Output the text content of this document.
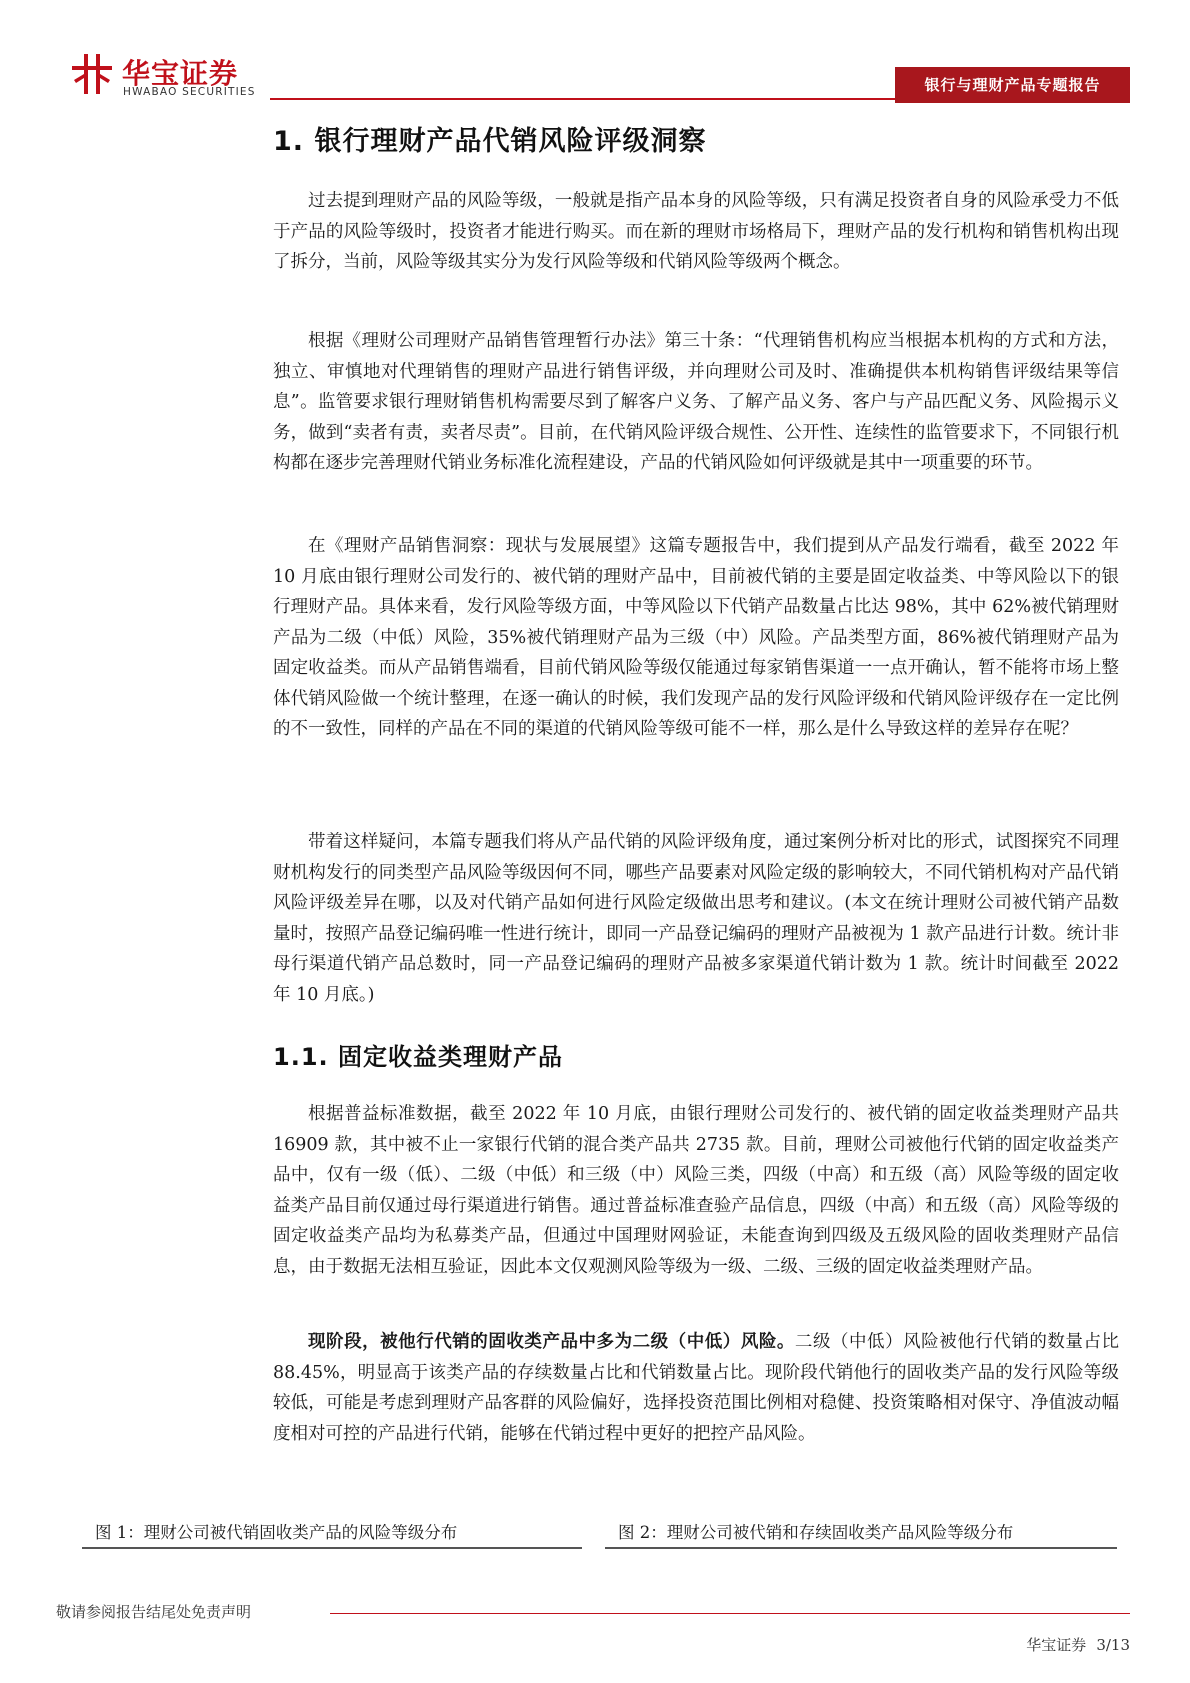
华宝证券
HWABAO SECURITIES	银行与理财产品专题报告
1. 银行理财产品代销风险评级洞察

过去提到理财产品的风险等级，一般就是指产品本身的风险等级，只有满足投资者自身的风险承受力不低于产品的风险等级时，投资者才能进行购买。而在新的理财市场格局下，理财产品的发行机构和销售机构出现了拆分，当前，风险等级其实分为发行风险等级和代销风险等级两个概念。

根据《理财公司理财产品销售管理暂行办法》第三十条：“代理销售机构应当根据本机构的方式和方法，独立、审慎地对代理销售的理财产品进行销售评级，并向理财公司及时、准确提供本机构销售评级结果等信息”。监管要求银行理财销售机构需要尽到了解客户义务、了解产品义务、客户与产品匹配义务、风险揭示义务，做到“卖者有责，卖者尽责”。目前，在代销风险评级合规性、公开性、连续性的监管要求下，不同银行机构都在逐步完善理财代销业务标准化流程建设，产品的代销风险如何评级就是其中一项重要的环节。

在《理财产品销售洞察：现状与发展展望》这篇专题报告中，我们提到从产品发行端看，截至 2022 年 10 月底由银行理财公司发行的、被代销的理财产品中，目前被代销的主要是固定收益类、中等风险以下的银行理财产品。具体来看，发行风险等级方面，中等风险以下代销产品数量占比达 98%，其中 62%被代销理财产品为二级（中低）风险，35%被代销理财产品为三级（中）风险。产品类型方面，86%被代销理财产品为固定收益类。而从产品销售端看，目前代销风险等级仅能通过每家销售渠道一一点开确认，暂不能将市场上整体代销风险做一个统计整理，在逐一确认的时候，我们发现产品的发行风险评级和代销风险评级存在一定比例的不一致性，同样的产品在不同的渠道的代销风险等级可能不一样，那么是什么导致这样的差异存在呢？

带着这样疑问，本篇专题我们将从产品代销的风险评级角度，通过案例分析对比的形式，试图探究不同理财机构发行的同类型产品风险等级因何不同，哪些产品要素对风险定级的影响较大，不同代销机构对产品代销风险评级差异在哪，以及对代销产品如何进行风险定级做出思考和建议。(本文在统计理财公司被代销产品数量时，按照产品登记编码唯一性进行统计，即同一产品登记编码的理财产品被视为 1 款产品进行计数。统计非母行渠道代销产品总数时，同一产品登记编码的理财产品被多家渠道代销计数为 1 款。统计时间截至 2022 年 10 月底。)

1.1. 固定收益类理财产品

根据普益标准数据，截至 2022 年 10 月底，由银行理财公司发行的、被代销的固定收益类理财产品共 16909 款，其中被不止一家银行代销的混合类产品共 2735 款。目前，理财公司被他行代销的固定收益类产品中，仅有一级（低）、二级（中低）和三级（中）风险三类，四级（中高）和五级（高）风险等级的固定收益类产品目前仅通过母行渠道进行销售。通过普益标准查验产品信息，四级（中高）和五级（高）风险等级的固定收益类产品均为私募类产品，但通过中国理财网验证，未能查询到四级及五级风险的固收类理财产品信息，由于数据无法相互验证，因此本文仅观测风险等级为一级、二级、三级的固定收益类理财产品。

现阶段，被他行代销的固收类产品中多为二级（中低）风险。二级（中低）风险被他行代销的数量占比 88.45%，明显高于该类产品的存续数量占比和代销数量占比。现阶段代销他行的固收类产品的发行风险等级较低，可能是考虑到理财产品客群的风险偏好，选择投资范围比例相对稳健、投资策略相对保守、净值波动幅度相对可控的产品进行代销，能够在代销过程中更好的把控产品风险。

图 1：理财公司被代销固收类产品的风险等级分布	图 2：理财公司被代销和存续固收类产品风险等级分布
敬请参阅报告结尾处免责声明
华宝证券 3/13
